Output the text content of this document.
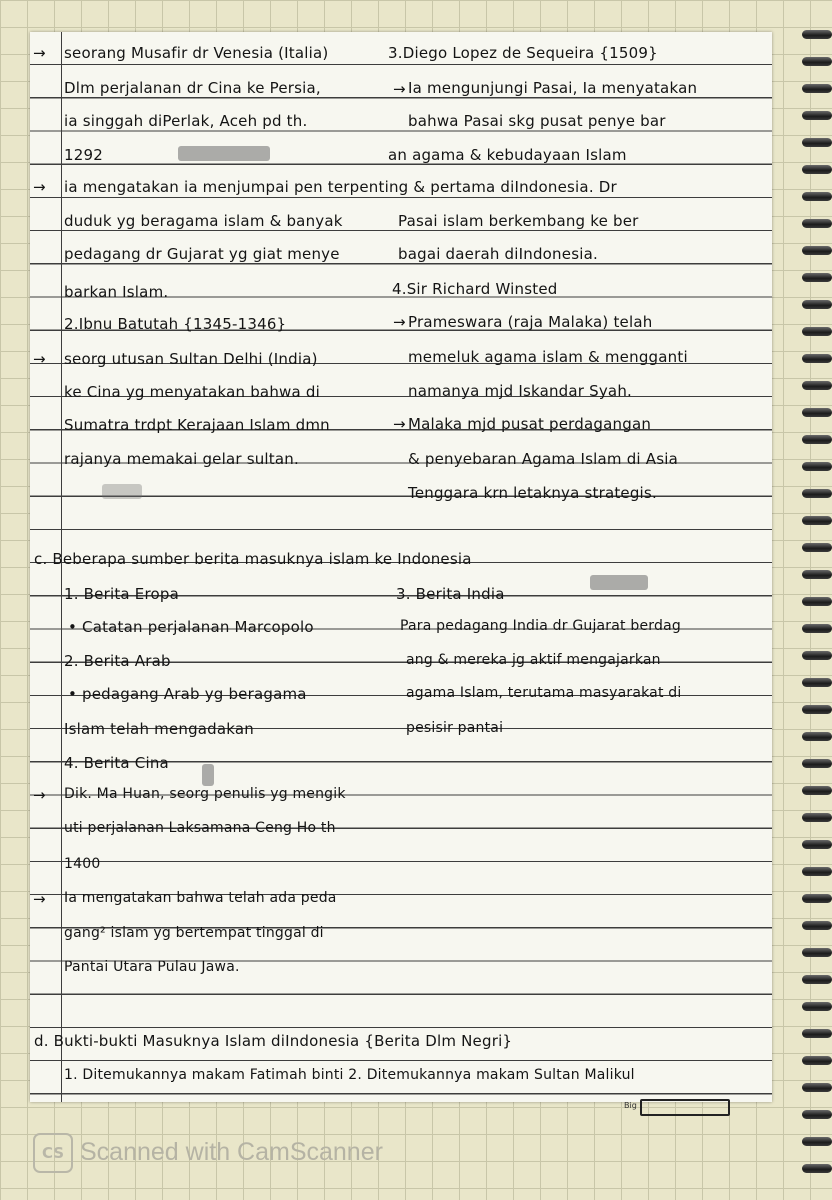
→
→
→
→
→
→
→
→
seorang Musafir dr Venesia (Italia)
Dlm perjalanan dr Cina ke Persia,
ia singgah diPerlak, Aceh pd th.
1292
ia mengatakan ia menjumpai pen terpenting & pertama diIndonesia. Dr
duduk yg beragama islam & banyak
pedagang dr Gujarat yg giat menye
barkan Islam.
2.Ibnu Batutah {1345-1346}
seorg utusan Sultan Delhi (India)
ke Cina yg menyatakan bahwa di
Sumatra trdpt Kerajaan Islam dmn
rajanya memakai gelar sultan.
3.Diego Lopez de Sequeira {1509}
Ia mengunjungi Pasai, Ia menyatakan
bahwa Pasai skg pusat penye bar
an agama & kebudayaan Islam
Pasai islam berkembang ke ber
bagai daerah diIndonesia.
4.Sir Richard Winsted
Prameswara (raja Malaka) telah
memeluk agama islam & mengganti
namanya mjd Iskandar Syah.
Malaka mjd pusat perdagangan
& penyebaran Agama Islam di Asia
Tenggara krn letaknya strategis.
c. Beberapa sumber berita masuknya islam ke Indonesia
1. Berita Eropa
• Catatan perjalanan Marcopolo
2. Berita Arab
• pedagang Arab yg beragama
Islam telah mengadakan
4. Berita Cina
Dik. Ma Huan, seorg penulis yg mengik
uti perjalanan Laksamana Ceng Ho th
1400
Ia mengatakan bahwa telah ada peda
gang² islam yg bertempat tinggal di
Pantai Utara Pulau Jawa.
3. Berita India
Para pedagang India dr Gujarat berdag
ang & mereka jg aktif mengajarkan
agama Islam, terutama masyarakat di
pesisir pantai
d. Bukti-bukti Masuknya Islam diIndonesia {Berita Dlm Negri}
1. Ditemukannya makam Fatimah binti 2. Ditemukannya makam Sultan Malikul
Big
CS Scanned with CamScanner
